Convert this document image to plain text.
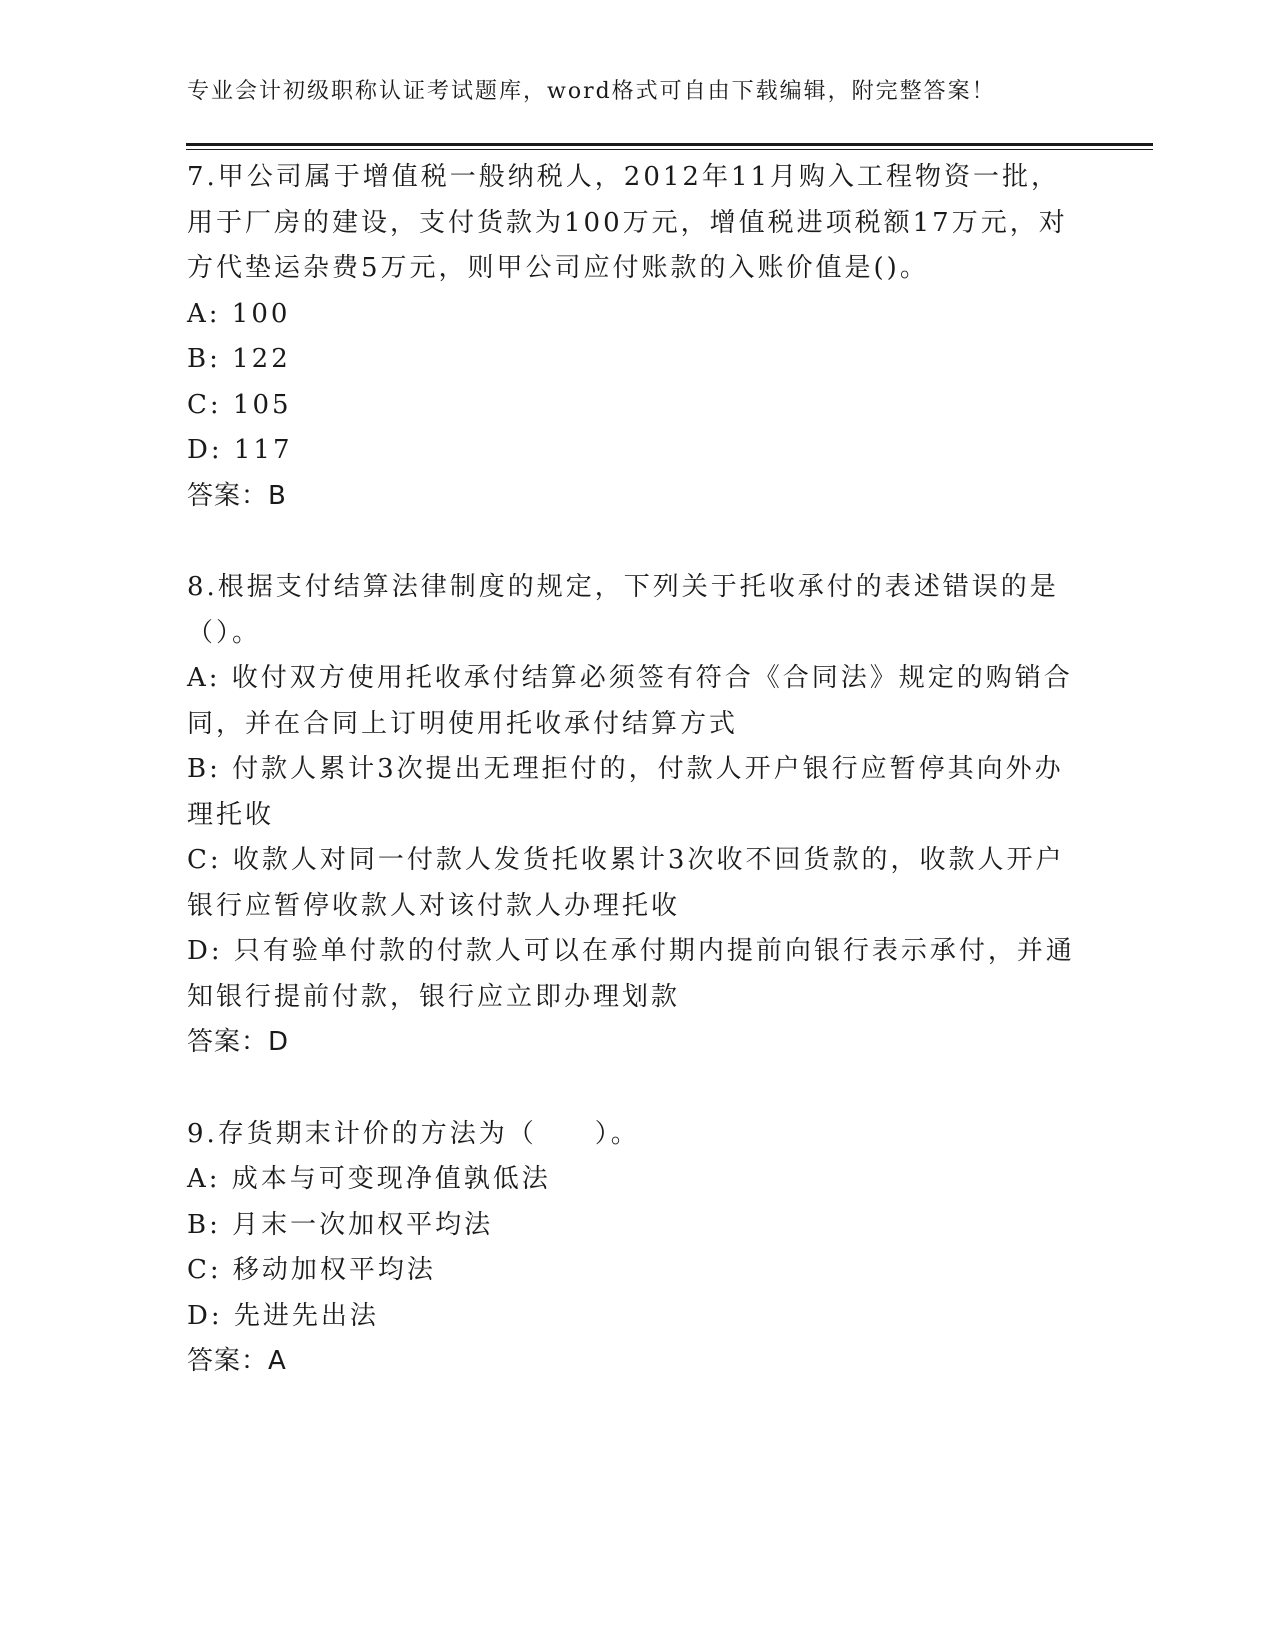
专业会计初级职称认证考试题库，word格式可自由下载编辑，附完整答案！

7.甲公司属于增值税一般纳税人，2012年11月购入工程物资一批，用于厂房的建设，支付货款为100万元，增值税进项税额17万元，对方代垫运杂费5万元，则甲公司应付账款的入账价值是()。

A: 100

B: 122

C: 105

D: 117

答案：B

8.根据支付结算法律制度的规定，下列关于托收承付的表述错误的是（）。

A: 收付双方使用托收承付结算必须签有符合《合同法》规定的购销合同，并在合同上订明使用托收承付结算方式

B: 付款人累计3次提出无理拒付的，付款人开户银行应暂停其向外办理托收

C: 收款人对同一付款人发货托收累计3次收不回货款的，收款人开户银行应暂停收款人对该付款人办理托收

D: 只有验单付款的付款人可以在承付期内提前向银行表示承付，并通知银行提前付款，银行应立即办理划款

答案：D

9.存货期末计价的方法为（　　）。

A: 成本与可变现净值孰低法

B: 月末一次加权平均法

C: 移动加权平均法

D: 先进先出法

答案：A
